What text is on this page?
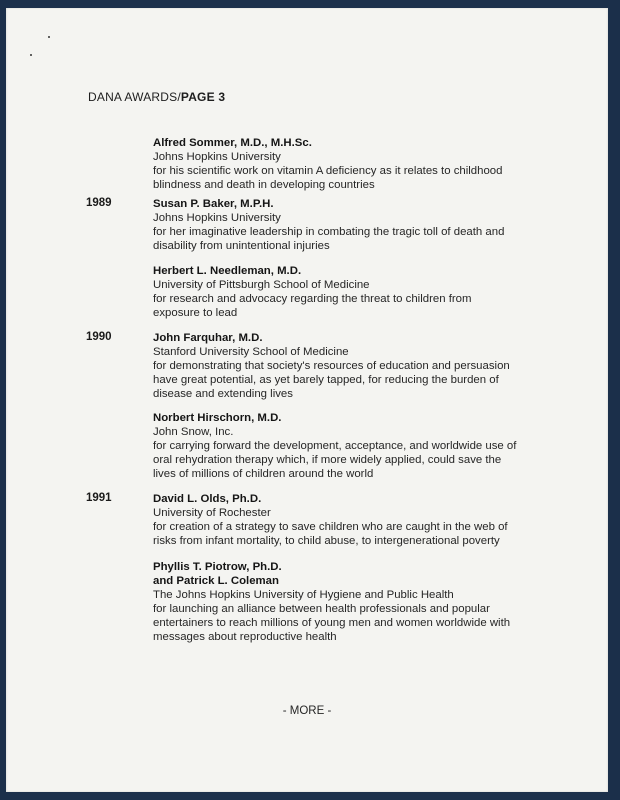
DANA AWARDS/PAGE 3
Alfred Sommer, M.D., M.H.Sc.
Johns Hopkins University
for his scientific work on vitamin A deficiency as it relates to childhood
blindness and death in developing countries
1989	Susan P. Baker, M.P.H.
Johns Hopkins University
for her imaginative leadership in combating the tragic toll of death and
disability from unintentional injuries
Herbert L. Needleman, M.D.
University of Pittsburgh School of Medicine
for research and advocacy regarding the threat to children from
exposure to lead
1990	John Farquhar, M.D.
Stanford University School of Medicine
for demonstrating that society's resources of education and persuasion
have great potential, as yet barely tapped, for reducing the burden of
disease and extending lives
Norbert Hirschorn, M.D.
John Snow, Inc.
for carrying forward the development, acceptance, and worldwide use of
oral rehydration therapy which, if more widely applied, could save the
lives of millions of children around the world
1991	David L. Olds, Ph.D.
University of Rochester
for creation of a strategy to save children who are caught in the web of
risks from infant mortality, to child abuse, to intergenerational poverty
Phyllis T. Piotrow, Ph.D.
and Patrick L. Coleman
The Johns Hopkins University of Hygiene and Public Health
for launching an alliance between health professionals and popular
entertainers to reach millions of young men and women worldwide with
messages about reproductive health
- MORE -
